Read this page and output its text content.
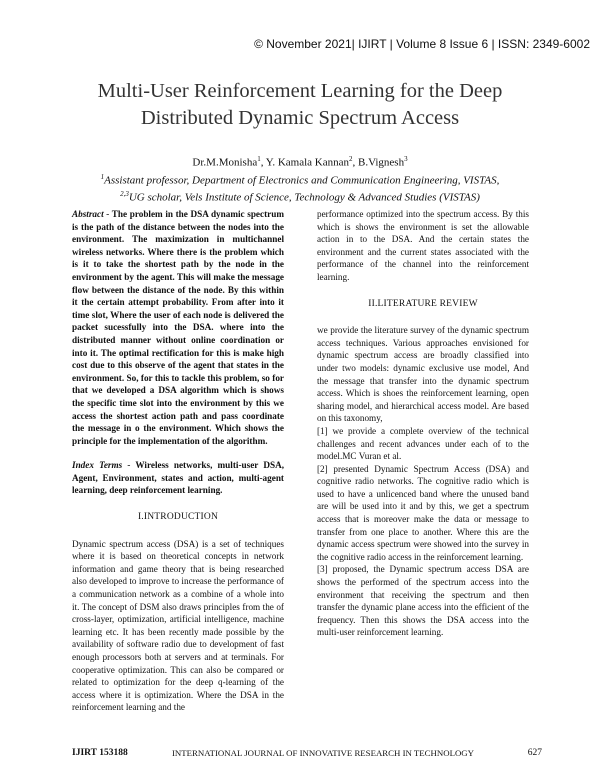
© November 2021| IJIRT | Volume 8 Issue 6 | ISSN: 2349-6002
Multi-User Reinforcement Learning for the Deep
Distributed Dynamic Spectrum Access
Dr.M.Monisha$^1$, Y. Kamala Kannan$^2$, B.Vignesh$^3$
$^1$Assistant professor, Department of Electronics and Communication Engineering, VISTAS,
$^{2,3}$UG scholar, Vels Institute of Science, Technology & Advanced Studies (VISTAS)

Abstract - The problem in the DSA dynamic spectrum is the path of the distance between the nodes into the environment. The maximization in multichannel wireless networks. Where there is the problem which is it to take the shortest path by the node in the environment by the agent. This will make the message flow between the distance of the node. By this within it the certain attempt probability. From after into it time slot, Where the user of each node is delivered the packet sucessfully into the DSA. where into the distributed manner without online coordination or into it. The optimal rectification for this is make high cost due to this observe of the agent that states in the environment. So, for this to tackle this problem, so for that we developed a DSA algorithm which is shows the specific time slot into the environment by this we access the shortest action path and pass coordinate the message in o the environment. Which shows the principle for the implementation of the algorithm.

Index Terms - Wireless networks, multi-user DSA, Agent, Environment, states and action, multi-agent learning, deep reinforcement learning.

I.INTRODUCTION

Dynamic spectrum access (DSA) is a set of techniques where it is based on theoretical concepts in network information and game theory that is being researched also developed to improve to increase the performance of a communication network as a combine of a whole into it. The concept of DSM also draws principles from the of cross-layer, optimization, artificial intelligence, machine learning etc. It has been recently made possible by the availability of software radio due to development of fast enough processors both at servers and at terminals. For cooperative optimization. This can also be compared or related to optimization for the deep q-learning of the access where it is optimization. Where the DSA in the reinforcement learning and the

performance optimized into the spectrum access. By this which is shows the environment is set the allowable action in to the DSA. And the certain states the environment and the current states associated with the performance of the channel into the reinforcement learning.

II.LITERATURE REVIEW

we provide the literature survey of the dynamic spectrum access techniques. Various approaches envisioned for dynamic spectrum access are broadly classified into under two models: dynamic exclusive use model, And the message that transfer into the dynamic spectrum access. Which is shoes the reinforcement learning, open sharing model, and hierarchical access model. Are based on this taxonomy,

[1] we provide a complete overview of the technical challenges and recent advances under each of to the model.MC Vuran et al.

[2] presented Dynamic Spectrum Access (DSA) and cognitive radio networks. The cognitive radio which is used to have a unlicenced band where the unused band are will be used into it and by this, we get a spectrum access that is moreover make the data or message to transfer from one place to another. Where this are the dynamic access spectrum were showed into the survey in the cognitive radio access in the reinforcement learning.

[3] proposed, the Dynamic spectrum access DSA are shows the performed of the spectrum access into the environment that receiving the spectrum and then transfer the dynamic plane access into the efficient of the frequency. Then this shows the DSA access into the multi-user reinforcement learning.

IJIRT 153188	INTERNATIONAL JOURNAL OF INNOVATIVE RESEARCH IN TECHNOLOGY	627
